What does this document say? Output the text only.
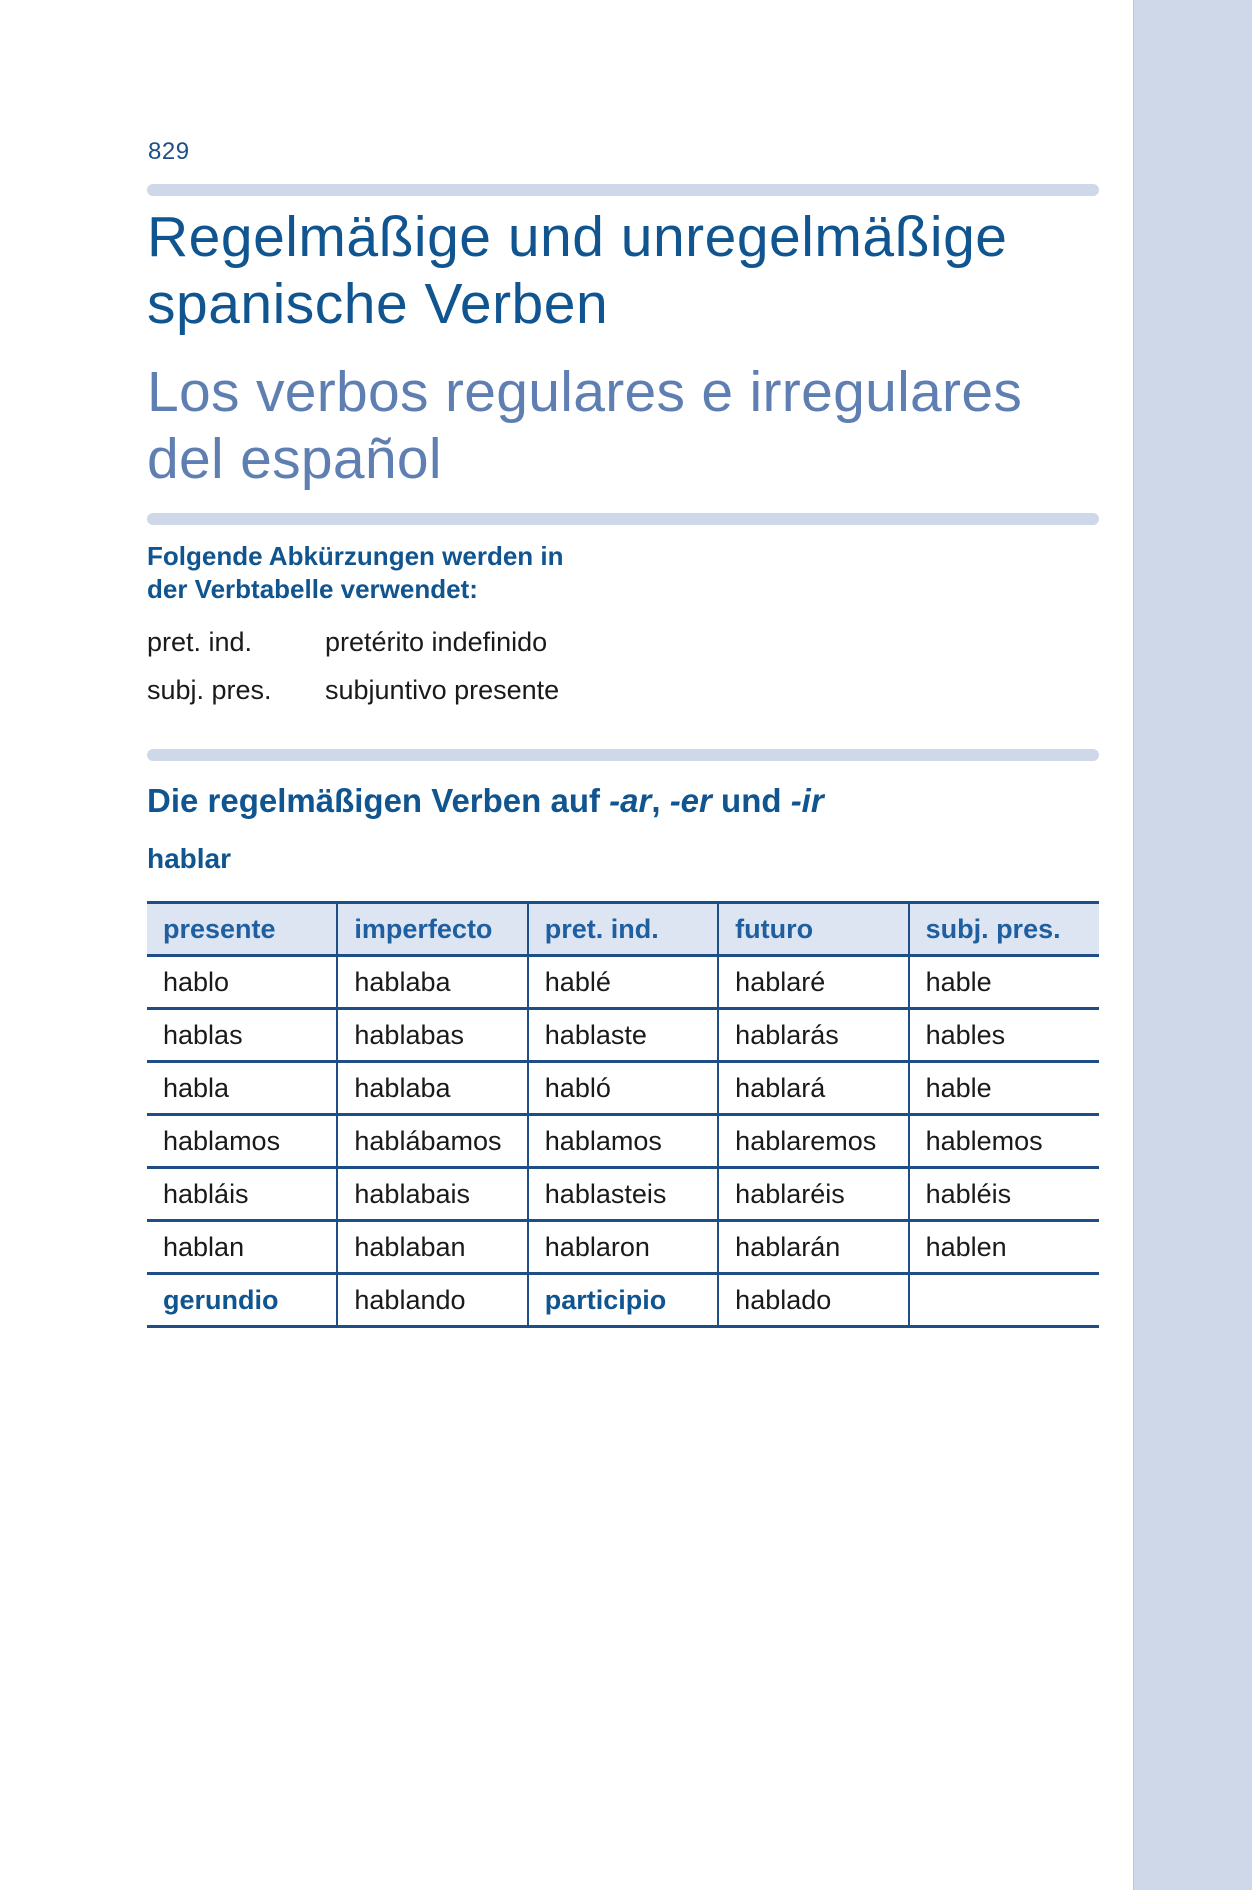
829
Regelmäßige und unregelmäßige
spanische Verben
Los verbos regulares e irregulares
del español
Folgende Abkürzungen werden in
der Verbtabelle verwendet:
pret. ind.	pretérito indefinido
subj. pres.	subjuntivo presente
Die regelmäßigen Verben auf -ar, -er und -ir
hablar
presente	imperfecto	pret. ind.	futuro	subj. pres.
hablo	hablaba	hablé	hablaré	hable
hablas	hablabas	hablaste	hablarás	hables
habla	hablaba	habló	hablará	hable
hablamos	hablábamos	hablamos	hablaremos	hablemos
habláis	hablabais	hablasteis	hablaréis	habléis
hablan	hablaban	hablaron	hablarán	hablen
gerundio	hablando	participio	hablado	
